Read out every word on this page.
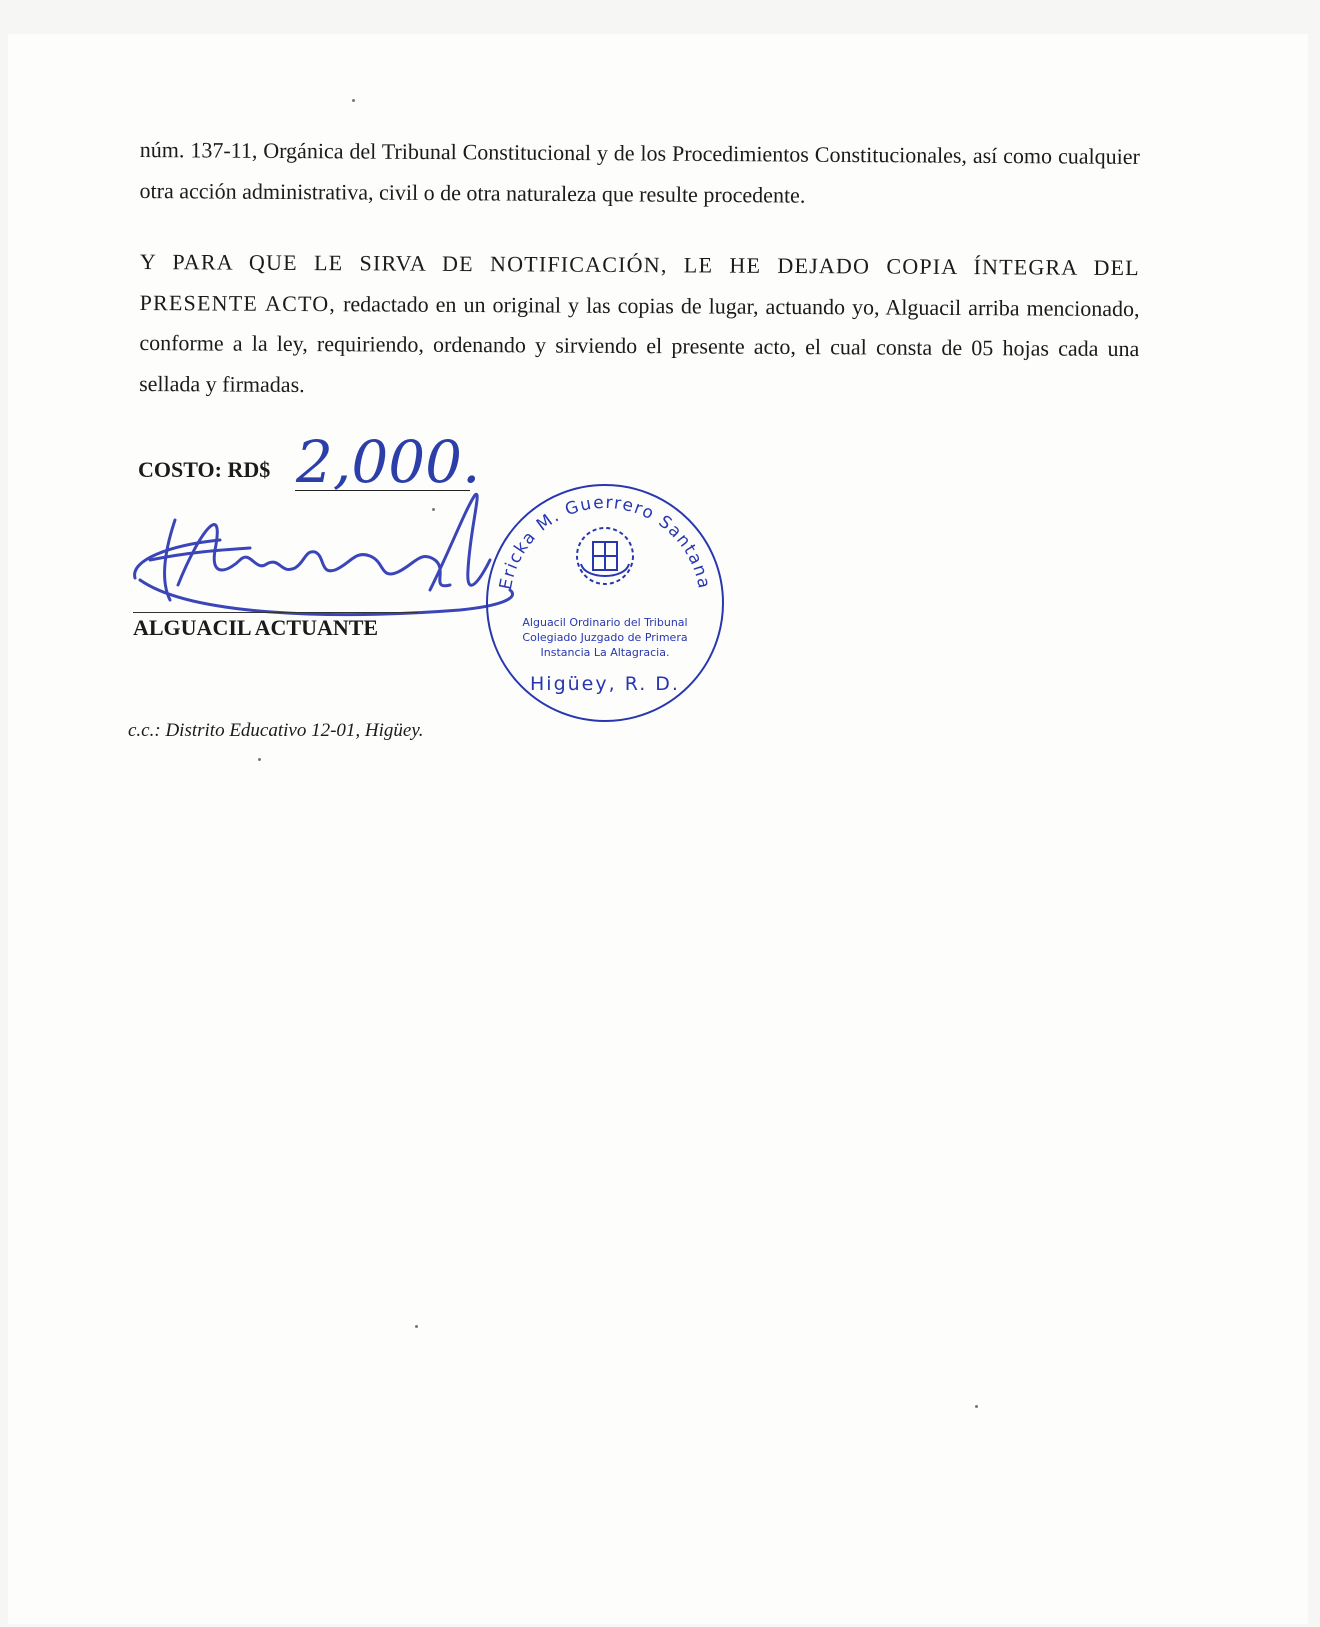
núm. 137-11, Orgánica del Tribunal Constitucional y de los Procedimientos Constitucionales, así como cualquier otra acción administrativa, civil o de otra naturaleza que resulte procedente.

Y PARA QUE LE SIRVA DE NOTIFICACIÓN, LE HE DEJADO COPIA ÍNTEGRA DEL PRESENTE ACTO, redactado en un original y las copias de lugar, actuando yo, Alguacil arriba mencionado, conforme a la ley, requiriendo, ordenando y sirviendo el presente acto, el cual consta de 05 hojas cada una sellada y firmadas.

COSTO: RD$ 2,000.
ALGUACIL ACTUANTE
Ericka M. Guerrero Santana
Alguacil Ordinario del Tribunal
Colegiado Juzgado de Primera
Instancia La Altagracia.
Higüey, R. D.
c.c.: Distrito Educativo 12-01, Higüey.
